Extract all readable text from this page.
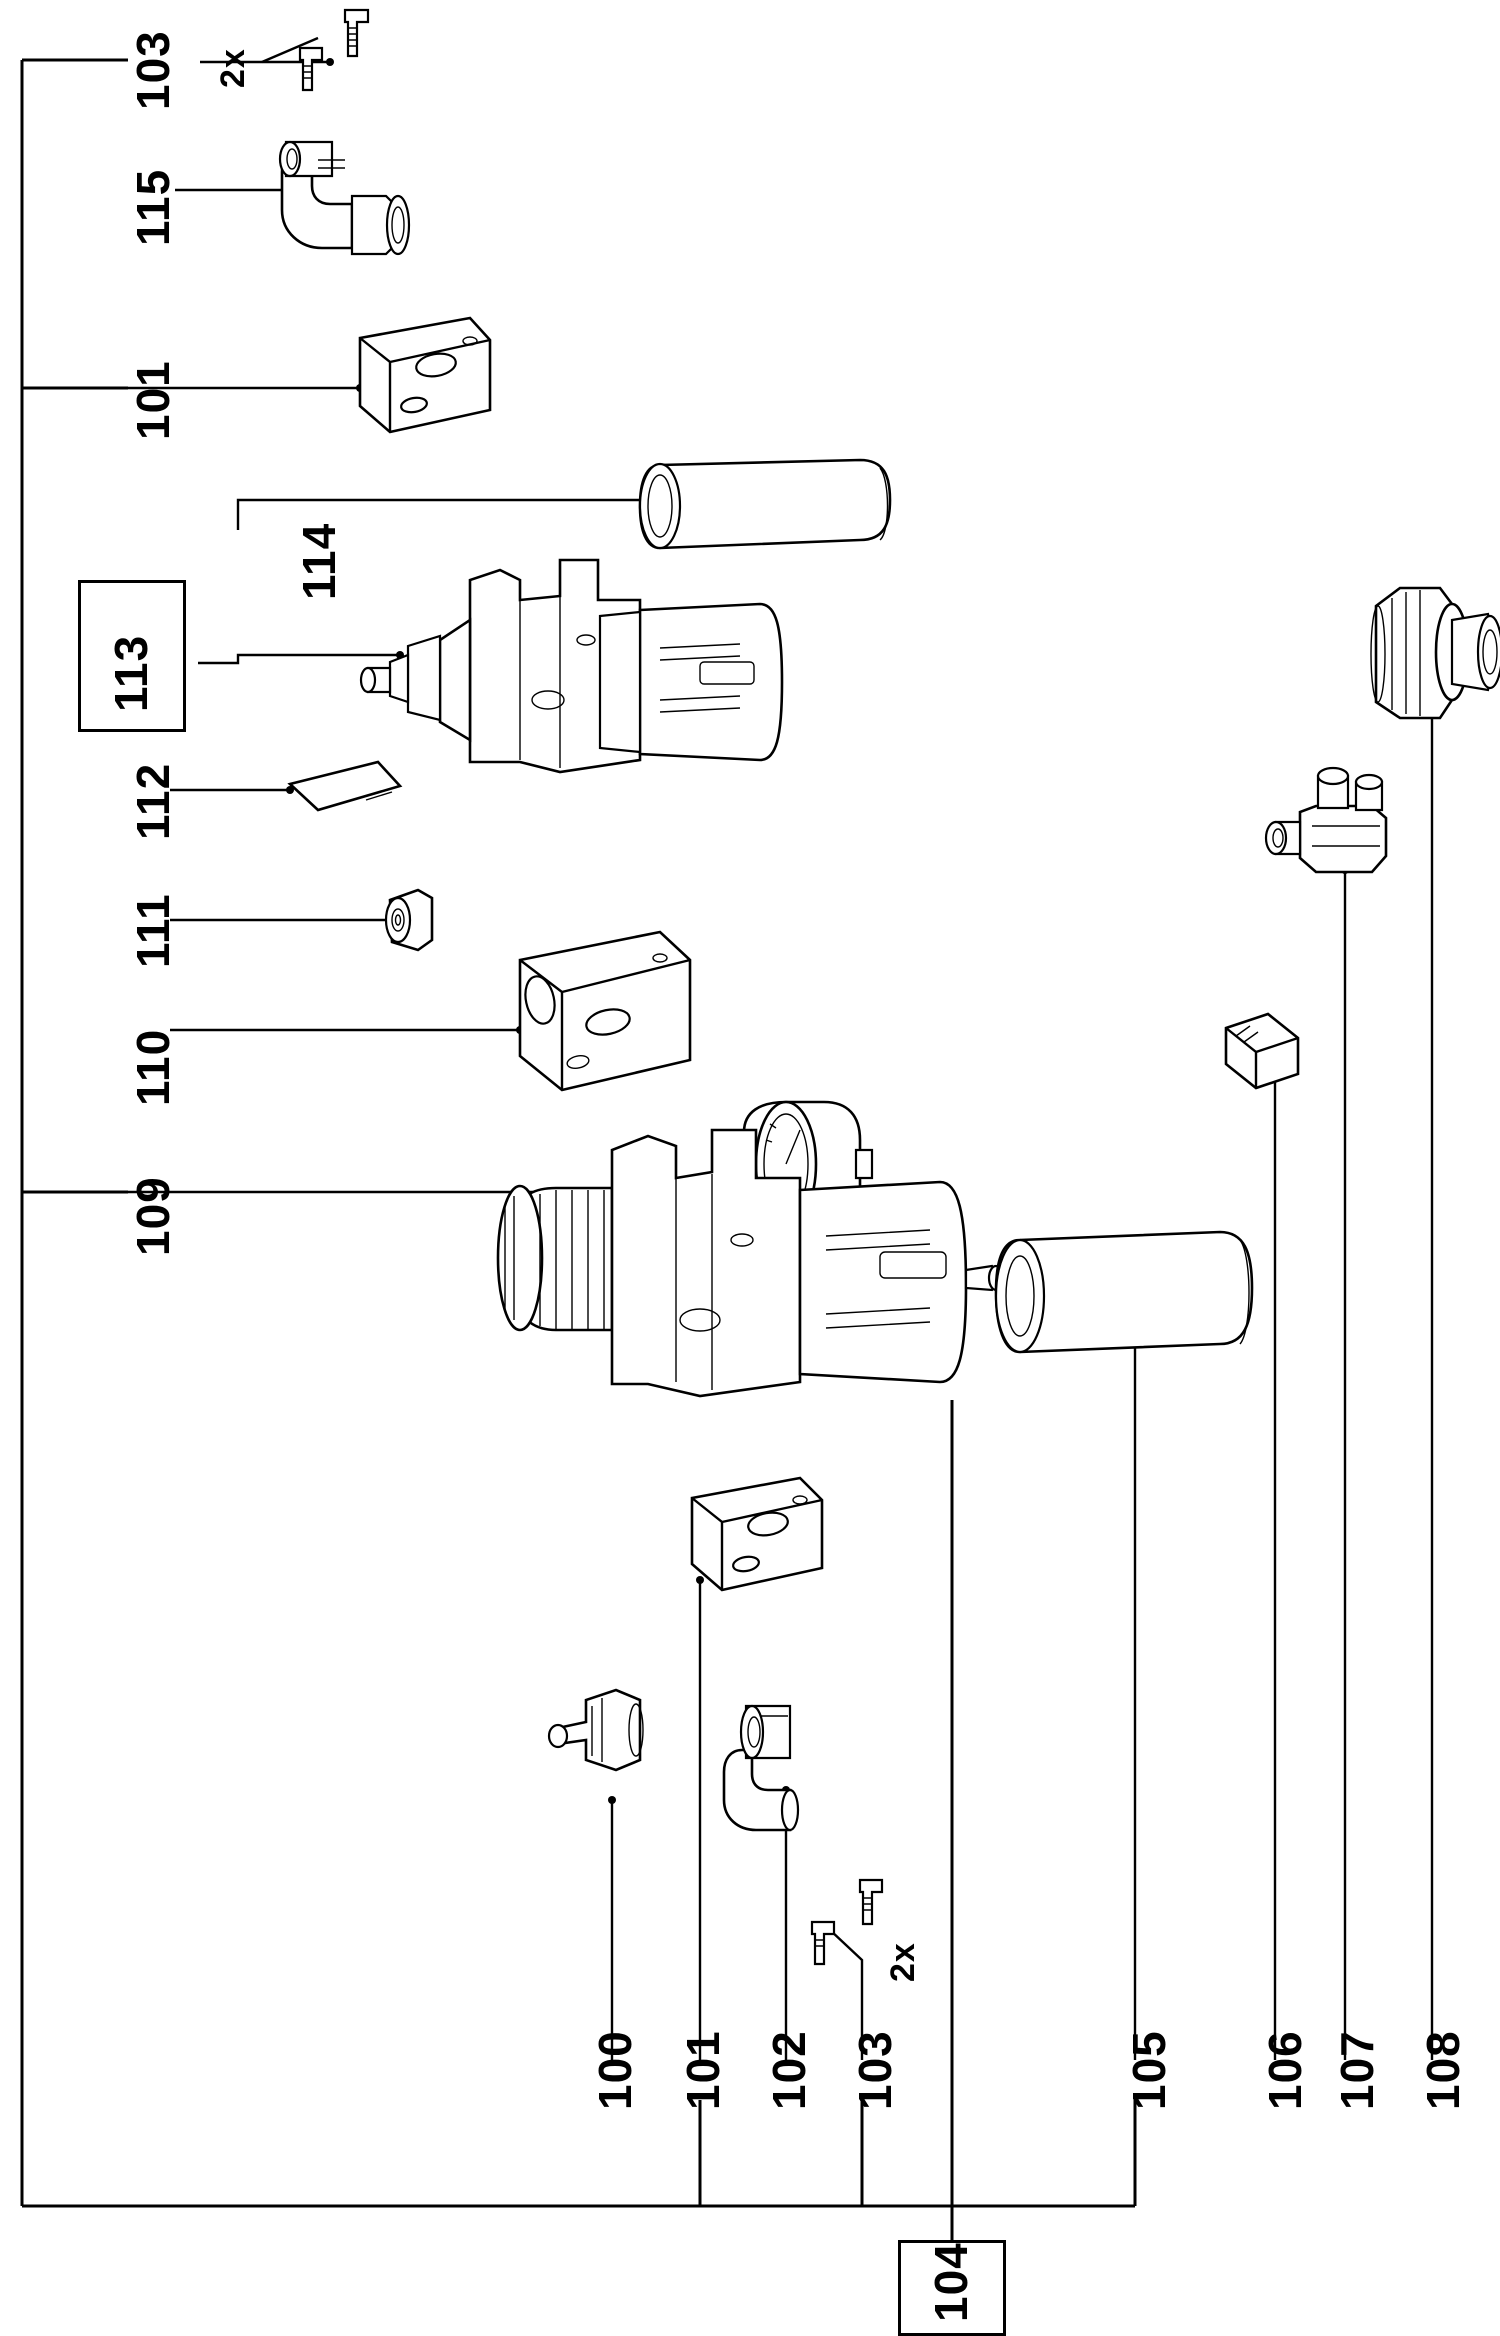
103 2x
115
101
114
113
112
111
110
109
100 101 102 103
2x
105 106 107 108
104
